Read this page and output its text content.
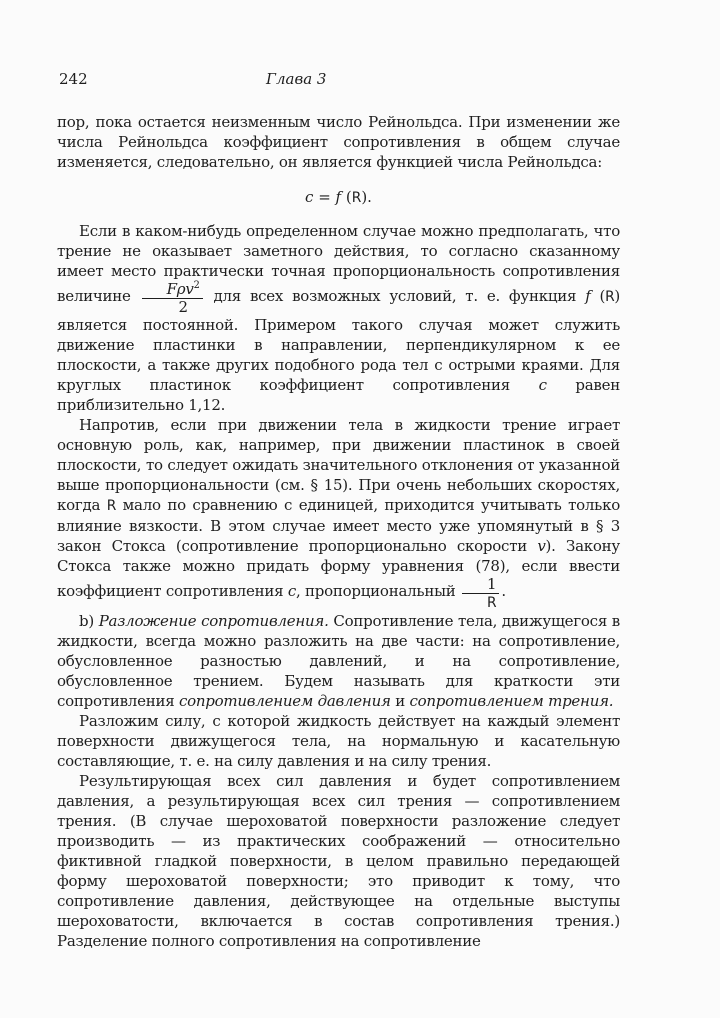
242	Глава 3

пор, пока остается неизменным число Рейнольдса. При изменении же числа Рейнольдса коэффициент сопротивления в общем случае изменяется, следовательно, он является функцией числа Рейнольдса:

c = f (R).

Если в каком-нибудь определенном случае можно предполагать, что трение не оказывает заметного действия, то согласно сказанному имеет место практически точная пропорциональность сопротивления величине $\frac{F\rho v^2}{2}$ для всех возможных условий, т. е. функция f (R) является постоянной. Примером такого случая может служить движение пластинки в направлении, перпендикулярном к ее плоскости, а также других подобного рода тел с острыми краями. Для круглых пластинок коэффициент сопротивления c равен приблизительно 1,12.

Напротив, если при движении тела в жидкости трение играет основную роль, как, например, при движении пластинок в своей плоскости, то следует ожидать значительного отклонения от указанной выше пропорциональности (см. § 15). При очень небольших скоростях, когда R мало по сравнению с единицей, приходится учитывать только влияние вязкости. В этом случае имеет место уже упомянутый в § 3 закон Стокса (сопротивление пропорционально скорости v). Закону Стокса также можно придать форму уравнения (78), если ввести коэффициент сопротивления c, пропорциональный $\frac{1}{R}$ .

b) Разложение сопротивления. Сопротивление тела, движущегося в жидкости, всегда можно разложить на две части: на сопротивление, обусловленное разностью давлений, и на сопротивление, обусловленное трением. Будем называть для краткости эти сопротивления сопротивлением давления и сопротивлением трения.

Разложим силу, с которой жидкость действует на каждый элемент поверхности движущегося тела, на нормальную и касательную составляющие, т. е. на силу давления и на силу трения.

Результирующая всех сил давления и будет сопротивлением давления, а результирующая всех сил трения — сопротивлением трения. (В случае шероховатой поверхности разложение следует производить — из практических соображений — относительно фиктивной гладкой поверхности, в целом правильно передающей форму шероховатой поверхности; это приводит к тому, что сопротивление давления, действующее на отдельные выступы шероховатости, включается в состав сопротивления трения.) Разделение полного сопротивления на сопротивление
